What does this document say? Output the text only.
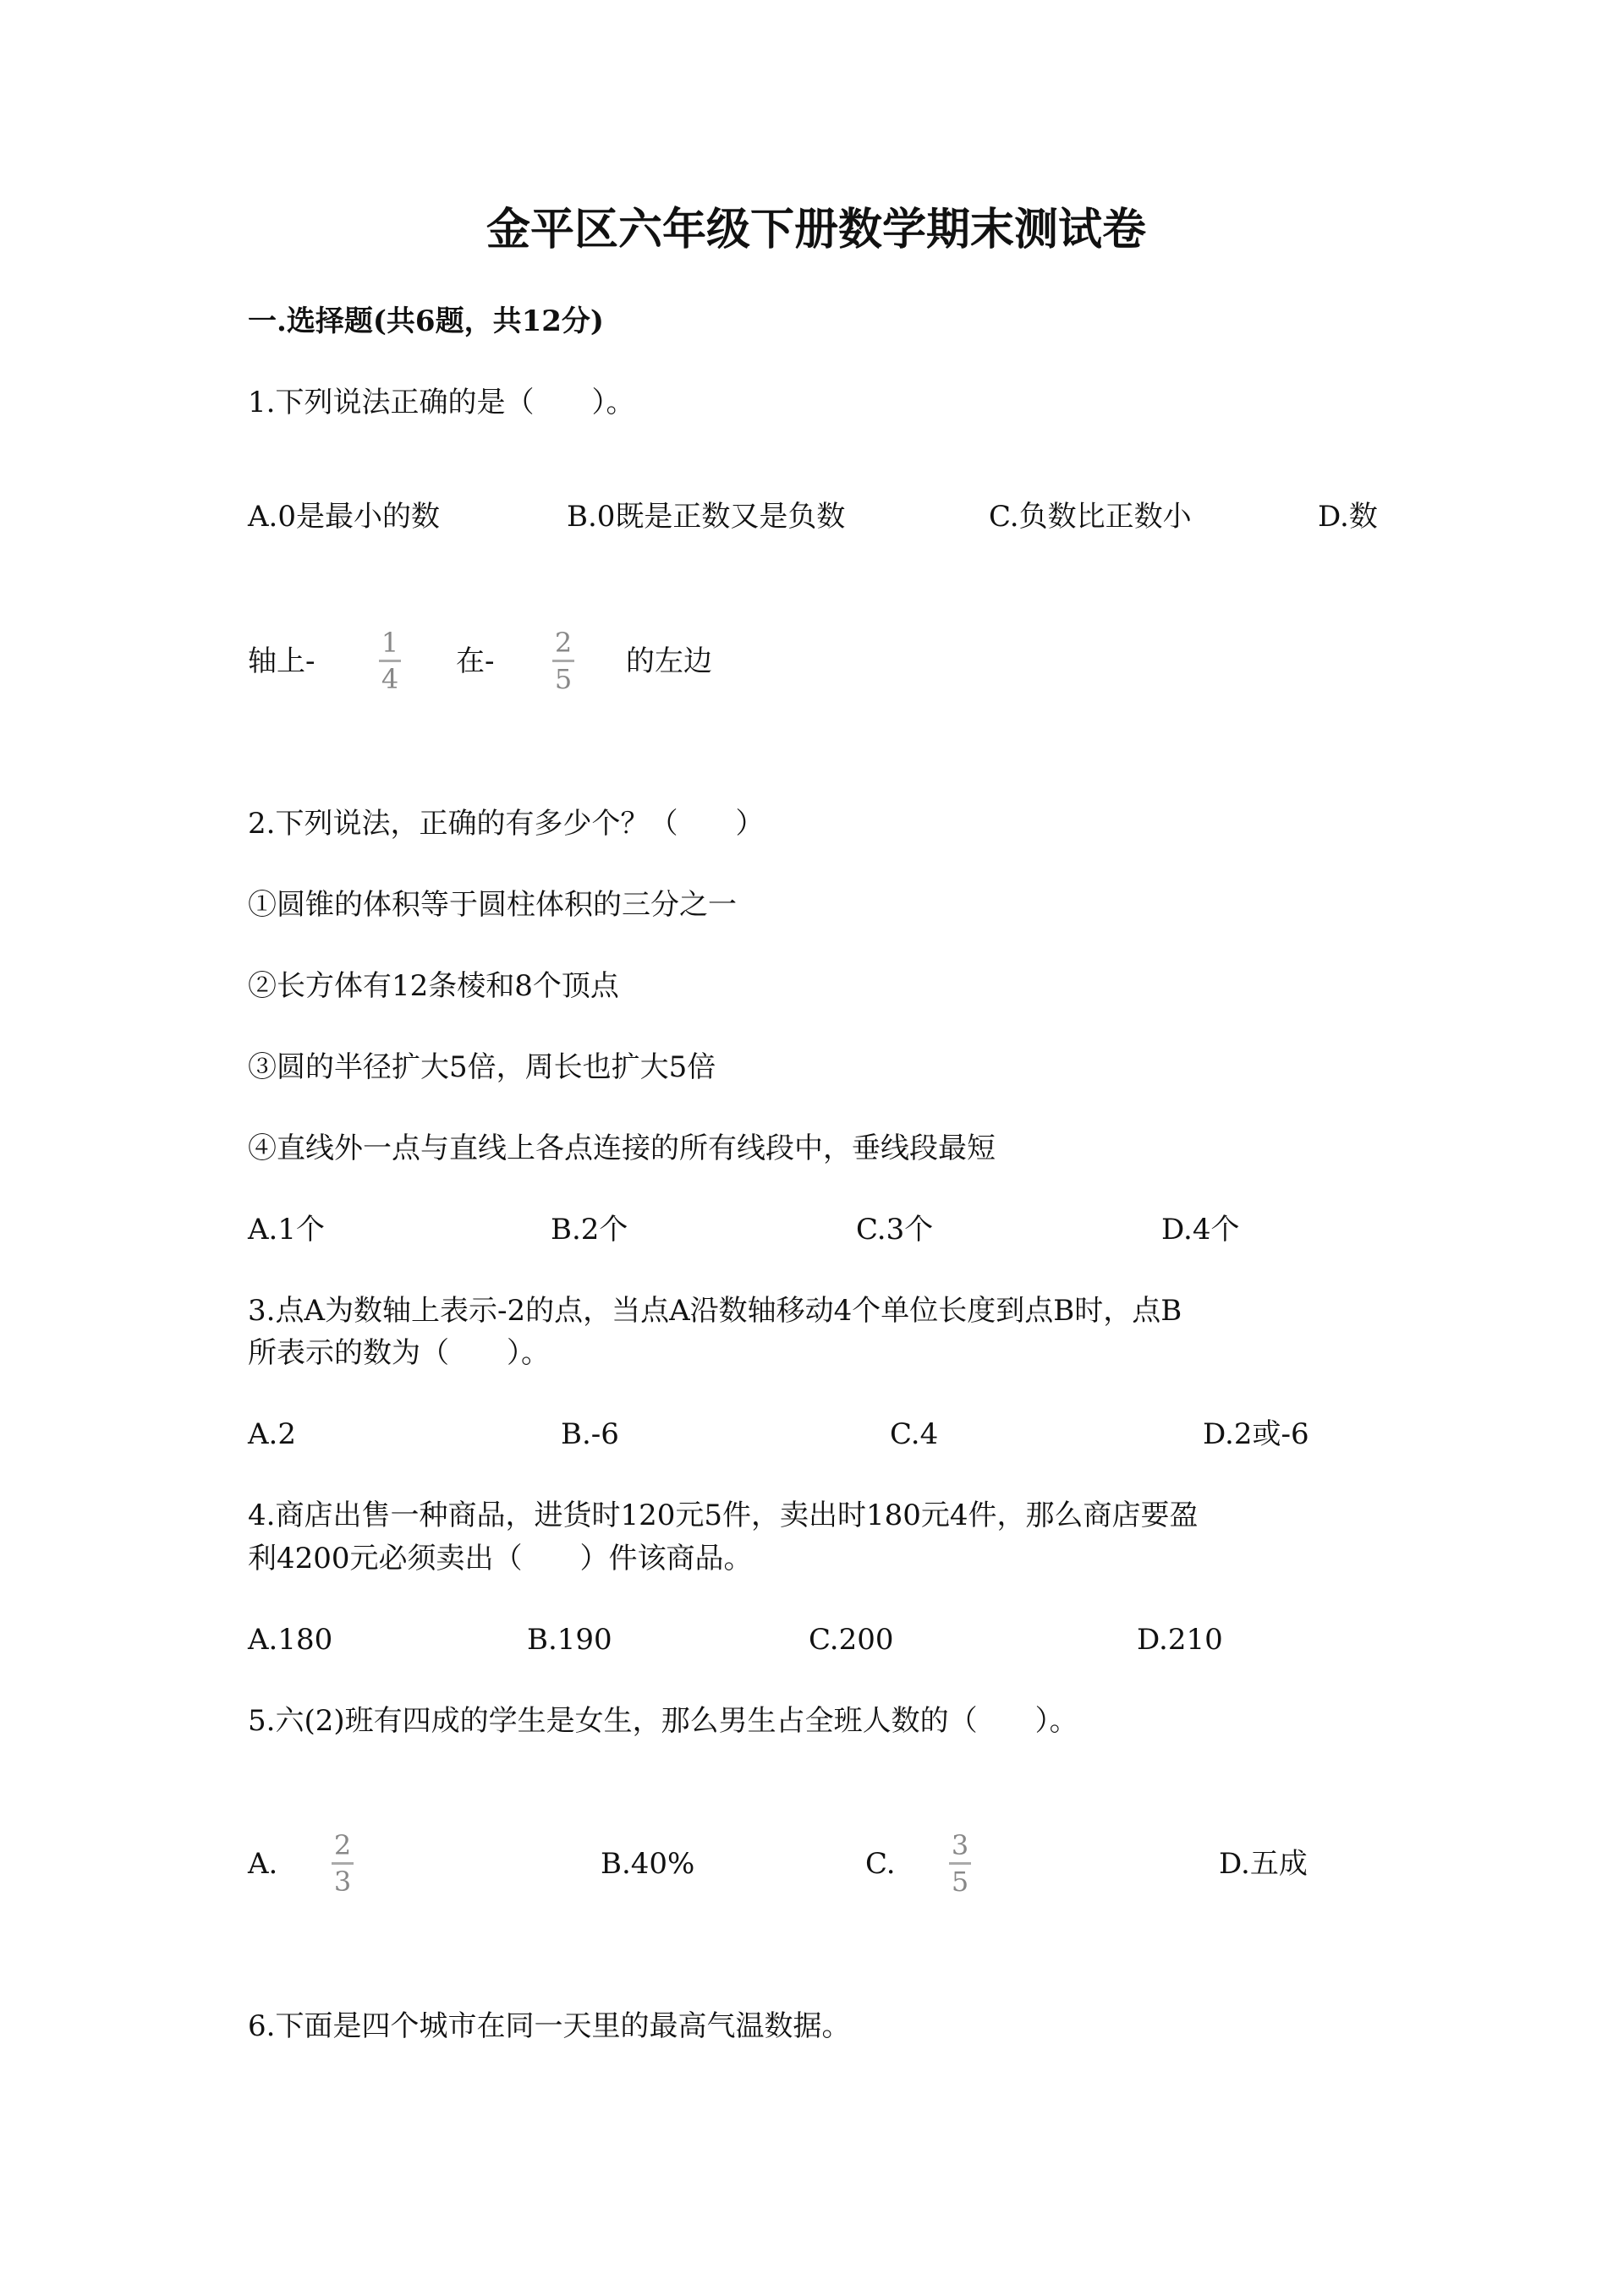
金平区六年级下册数学期末测试卷
一.选择题(共6题，共12分)
1.下列说法正确的是（　　）。
A.0是最小的数	B.0既是正数又是负数	C.负数比正数小	D.数
轴上-
1
4
在-
2
5
的左边
2.下列说法，正确的有多少个？（　　）
①圆锥的体积等于圆柱体积的三分之一
②长方体有12条棱和8个顶点
③圆的半径扩大5倍，周长也扩大5倍
④直线外一点与直线上各点连接的所有线段中，垂线段最短
A.1个	B.2个	C.3个	D.4个
3.点A为数轴上表示-2的点，当点A沿数轴移动4个单位长度到点B时，点B
所表示的数为（　　）。
A.2	B.-6	C.4	D.2或-6
4.商店出售一种商品，进货时120元5件，卖出时180元4件，那么商店要盈
利4200元必须卖出（　　）件该商品。
A.180	B.190	C.200	D.210
5.六(2)班有四成的学生是女生，那么男生占全班人数的（　　）。
A.
2
3
B.40%	C.
3
5
D.五成
6.下面是四个城市在同一天里的最高气温数据。
